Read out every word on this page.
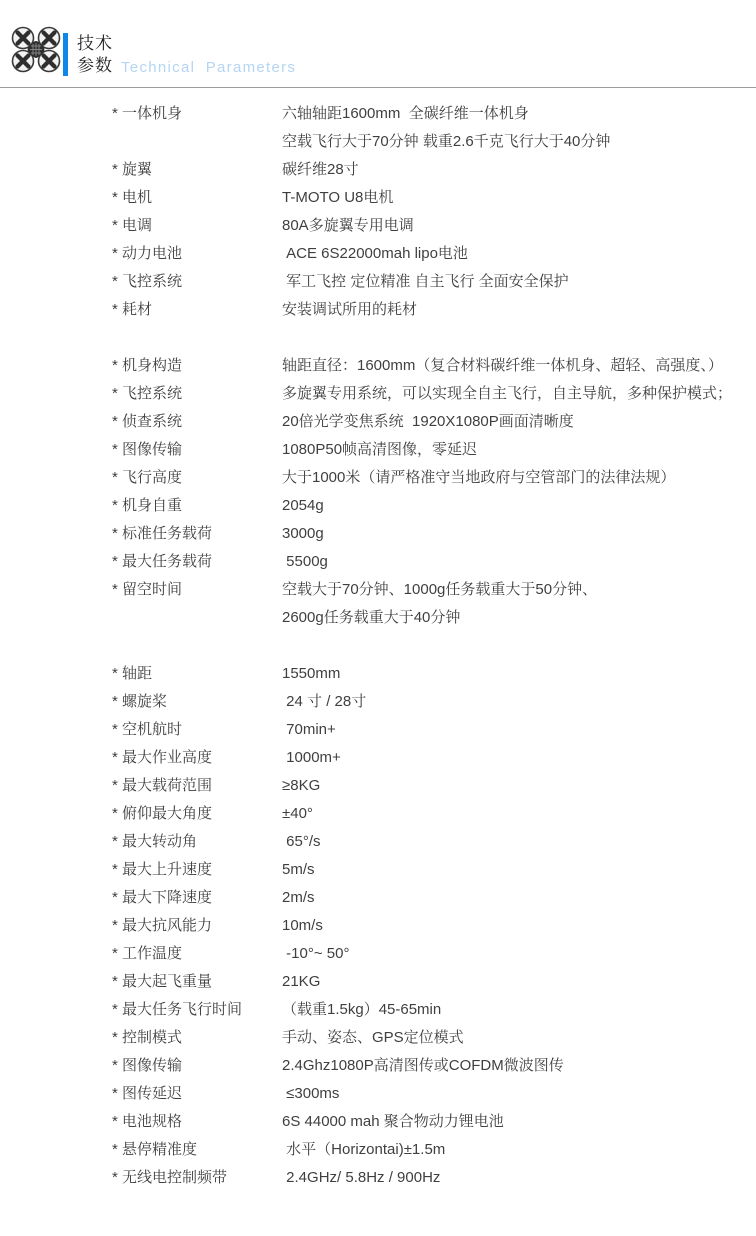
技术
参数 Technical Parameters
* 一体机身	六轴轴距1600mm  全碳纤维一体机身
空载飞行大于70分钟 载重2.6千克飞行大于40分钟
* 旋翼	碳纤维28寸
* 电机	T-MOTO U8电机
* 电调	80A多旋翼专用电调
* 动力电池	ACE 6S22000mah lipo电池
* 飞控系统	军工飞控 定位精准 自主飞行 全面安全保护
* 耗材	安装调试所用的耗材
* 机身构造	轴距直径：1600mm（复合材料碳纤维一体机身、超轻、高强度、）
* 飞控系统	多旋翼专用系统，可以实现全自主飞行，自主导航，多种保护模式；
* 侦查系统	20倍光学变焦系统  1920X1080P画面清晰度
* 图像传输	1080P50帧高清图像，零延迟
* 飞行高度	大于1000米（请严格准守当地政府与空管部门的法律法规）
* 机身自重	2054g
* 标准任务载荷	3000g
* 最大任务载荷	5500g
* 留空时间	空载大于70分钟、1000g任务载重大于50分钟、
2600g任务载重大于40分钟
* 轴距	1550mm
* 螺旋桨	24 寸 / 28寸
* 空机航时	70min+
* 最大作业高度	1000m+
* 最大载荷范围	≥8KG
* 俯仰最大角度	±40°
* 最大转动角	65°/s
* 最大上升速度	5m/s
* 最大下降速度	2m/s
* 最大抗风能力	10m/s
* 工作温度	-10°~ 50°
* 最大起飞重量	21KG
* 最大任务飞行时间	（载重1.5kg）45-65min
* 控制模式	手动、姿态、GPS定位模式
* 图像传输	2.4Ghz1080P高清图传或COFDM微波图传
* 图传延迟	≤300ms
* 电池规格	6S 44000 mah 聚合物动力锂电池
* 悬停精准度	水平（Horizontai)±1.5m
* 无线电控制频带	2.4GHz/ 5.8Hz / 900Hz
